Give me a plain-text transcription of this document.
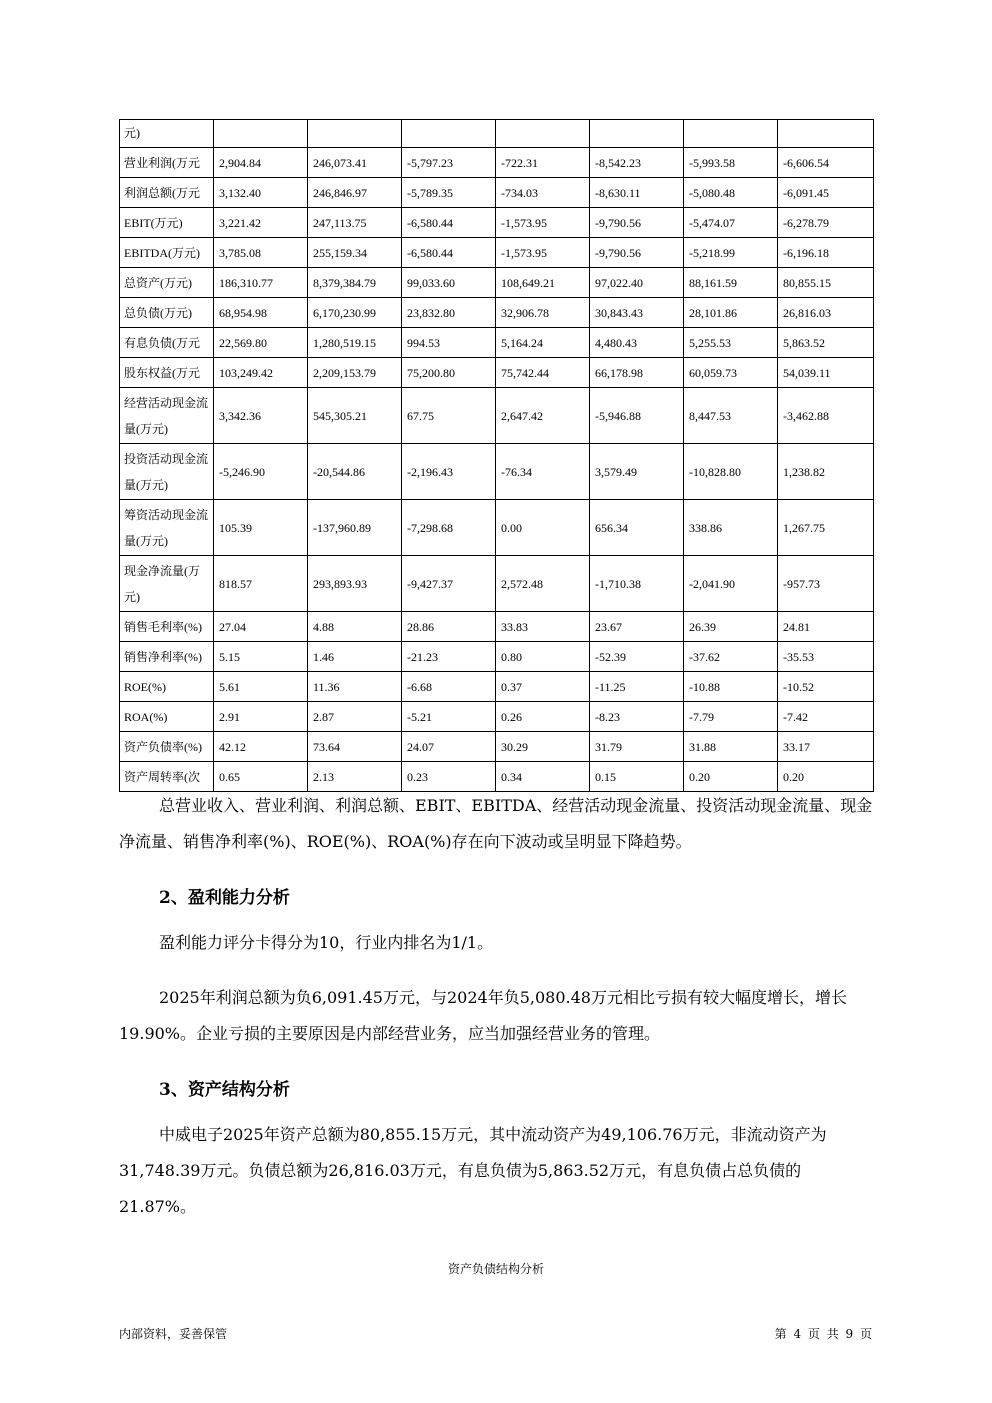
元)							
营业利润(万元	2,904.84	246,073.41	-5,797.23	-722.31	-8,542.23	-5,993.58	-6,606.54
利润总额(万元	3,132.40	246,846.97	-5,789.35	-734.03	-8,630.11	-5,080.48	-6,091.45
EBIT(万元)	3,221.42	247,113.75	-6,580.44	-1,573.95	-9,790.56	-5,474.07	-6,278.79
EBITDA(万元)	3,785.08	255,159.34	-6,580.44	-1,573.95	-9,790.56	-5,218.99	-6,196.18
总资产(万元)	186,310.77	8,379,384.79	99,033.60	108,649.21	97,022.40	88,161.59	80,855.15
总负债(万元)	68,954.98	6,170,230.99	23,832.80	32,906.78	30,843.43	28,101.86	26,816.03
有息负债(万元	22,569.80	1,280,519.15	994.53	5,164.24	4,480.43	5,255.53	5,863.52
股东权益(万元	103,249.42	2,209,153.79	75,200.80	75,742.44	66,178.98	60,059.73	54,039.11
经营活动现金流量(万元)	3,342.36	545,305.21	67.75	2,647.42	-5,946.88	8,447.53	-3,462.88
投资活动现金流量(万元)	-5,246.90	-20,544.86	-2,196.43	-76.34	3,579.49	-10,828.80	1,238.82
筹资活动现金流量(万元)	105.39	-137,960.89	-7,298.68	0.00	656.34	338.86	1,267.75
现金净流量(万元)	818.57	293,893.93	-9,427.37	2,572.48	-1,710.38	-2,041.90	-957.73
销售毛利率(%)	27.04	4.88	28.86	33.83	23.67	26.39	24.81
销售净利率(%)	5.15	1.46	-21.23	0.80	-52.39	-37.62	-35.53
ROE(%)	5.61	11.36	-6.68	0.37	-11.25	-10.88	-10.52
ROA(%)	2.91	2.87	-5.21	0.26	-8.23	-7.79	-7.42
资产负债率(%)	42.12	73.64	24.07	30.29	31.79	31.88	33.17
资产周转率(次	0.65	2.13	0.23	0.34	0.15	0.20	0.20

总营业收入、营业利润、利润总额、EBIT、EBITDA、经营活动现金流量、投资活动现金流量、现金净流量、销售净利率(%)、ROE(%)、ROA(%)存在向下波动或呈明显下降趋势。

2、盈利能力分析

盈利能力评分卡得分为10，行业内排名为1/1。

2025年利润总额为负6,091.45万元，与2024年负5,080.48万元相比亏损有较大幅度增长，增长19.90%。企业亏损的主要原因是内部经营业务，应当加强经营业务的管理。

3、资产结构分析

中威电子2025年资产总额为80,855.15万元，其中流动资产为49,106.76万元，非流动资产为31,748.39万元。负债总额为26,816.03万元，有息负债为5,863.52万元，有息负债占总负债的21.87%。

资产负债结构分析
内部资料，妥善保管	第 4 页 共 9 页
